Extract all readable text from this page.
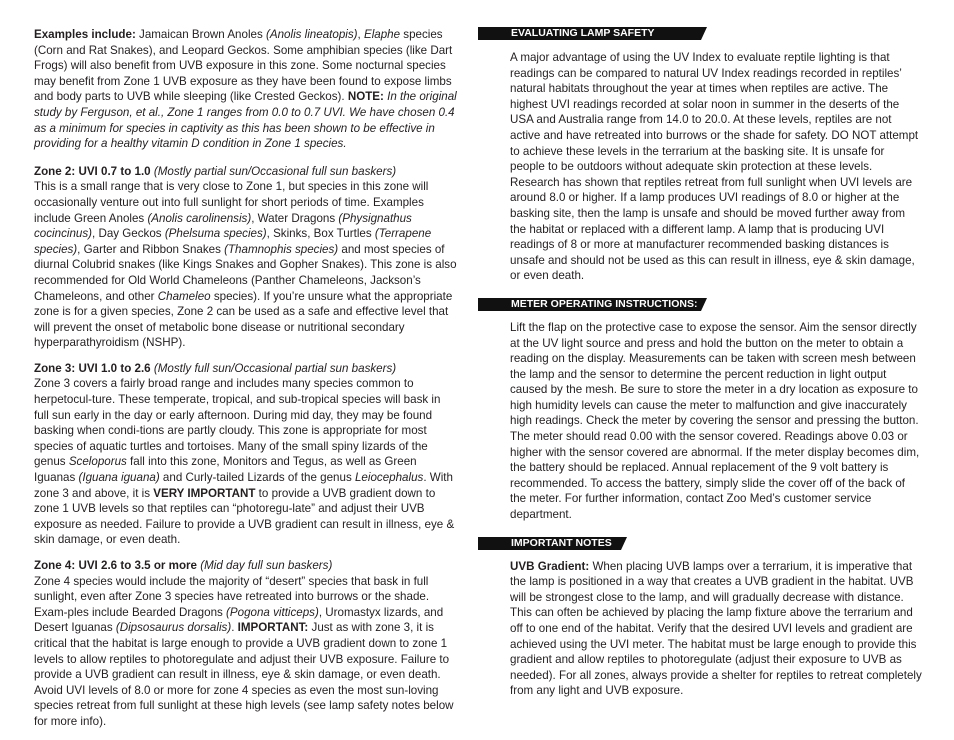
Examples include: Jamaican Brown Anoles (Anolis lineatopis), Elaphe species (Corn and Rat Snakes), and Leopard Geckos. Some amphibian species (like Dart Frogs) will also benefit from UVB exposure in this zone. Some nocturnal species may benefit from Zone 1 UVB exposure as they have been found to expose limbs and body parts to UVB while sleeping (like Crested Geckos). NOTE: In the original study by Ferguson, et al., Zone 1 ranges from 0.0 to 0.7 UVI. We have chosen 0.4 as a minimum for species in captivity as this has been shown to be effective in providing for a healthy vitamin D condition in Zone 1 species.

Zone 2: UVI 0.7 to 1.0 (Mostly partial sun/Occasional full sun baskers)

This is a small range that is very close to Zone 1, but species in this zone will occasionally venture out into full sunlight for short periods of time. Examples include Green Anoles (Anolis carolinensis), Water Dragons (Physignathus cocincinus), Day Geckos (Phelsuma species), Skinks, Box Turtles (Terrapene species), Garter and Ribbon Snakes (Thamnophis species) and most species of diurnal Colubrid snakes (like Kings Snakes and Gopher Snakes). This zone is also recommended for Old World Chameleons (Panther Chameleons, Jackson’s Chameleons, and other Chameleo species). If you’re unsure what the appropriate zone is for a given species, Zone 2 can be used as a safe and effective level that will prevent the onset of metabolic bone disease or nutritional secondary hyperparathyroidism (NSHP).

Zone 3: UVI 1.0 to 2.6 (Mostly full sun/Occasional partial sun baskers)

Zone 3 covers a fairly broad range and includes many species common to herpetocul-ture. These temperate, tropical, and sub-tropical species will bask in full sun early in the day or early afternoon. During mid day, they may be found basking when condi-tions are partly cloudy. This zone is appropriate for most species of aquatic turtles and tortoises. Many of the small spiny lizards of the genus Sceloporus fall into this zone, Monitors and Tegus, as well as Green Iguanas (Iguana iguana) and Curly-tailed Lizards of the genus Leiocephalus. With zone 3 and above, it is VERY IMPORTANT to provide a UVB gradient down to zone 1 UVB levels so that reptiles can “photoregu-late” and adjust their UVB exposure as needed. Failure to provide a UVB gradient can result in illness, eye & skin damage, or even death.

Zone 4: UVI 2.6 to 3.5 or more (Mid day full sun baskers)

Zone 4 species would include the majority of “desert” species that bask in full sunlight, even after Zone 3 species have retreated into burrows or the shade. Exam-ples include Bearded Dragons (Pogona vitticeps), Uromastyx lizards, and Desert Iguanas (Dipsosaurus dorsalis). IMPORTANT: Just as with zone 3, it is critical that the habitat is large enough to provide a UVB gradient down to zone 1 levels to allow reptiles to photoregulate and adjust their UVB exposure. Failure to provide a UVB gradient can result in illness, eye & skin damage, or even death. Avoid UVI levels of 8.0 or more for zone 4 species as even the most sun-loving species retreat from full sunlight at these high levels (see lamp safety notes below for more info).

EVALUATING LAMP SAFETY

A major advantage of using the UV Index to evaluate reptile lighting is that readings can be compared to natural UV Index readings recorded in reptiles’ natural habitats throughout the year at times when reptiles are active. The highest UVI readings recorded at solar noon in summer in the deserts of the USA and Australia range from 14.0 to 20.0. At these levels, reptiles are not active and have retreated into burrows or the shade for safety. DO NOT attempt to achieve these levels in the terrarium at the basking site. It is unsafe for people to be outdoors without adequate skin protection at these levels. Research has shown that reptiles retreat from full sunlight when UVI levels are around 8.0 or higher. If a lamp produces UVI readings of 8.0 or higher at the basking site, then the lamp is unsafe and should be moved further away from the habitat or replaced with a different lamp. A lamp that is producing UVI readings of 8 or more at manufacturer recommended basking distances is unsafe and should not be used as this can result in illness, eye & skin damage, or even death.

METER OPERATING INSTRUCTIONS:

Lift the flap on the protective case to expose the sensor. Aim the sensor directly at the UV light source and press and hold the button on the meter to obtain a reading on the display. Measurements can be taken with screen mesh between the lamp and the sensor to determine the percent reduction in light output caused by the mesh. Be sure to store the meter in a dry location as exposure to high humidity levels can cause the meter to malfunction and give inaccurately high readings. Check the meter by covering the sensor and pressing the button. The meter should read 0.00 with the sensor covered. Readings above 0.03 or higher with the sensor covered are abnormal. If the meter display becomes dim, the battery should be replaced. Annual replacement of the 9 volt battery is recommended. To access the battery, simply slide the cover off of the back of the meter. For further information, contact Zoo Med’s customer service department.

IMPORTANT NOTES

UVB Gradient: When placing UVB lamps over a terrarium, it is imperative that the lamp is positioned in a way that creates a UVB gradient in the habitat. UVB will be strongest close to the lamp, and will gradually decrease with distance. This can often be achieved by placing the lamp fixture above the terrarium and off to one end of the habitat. Verify that the desired UVI levels and gradient are achieved using the UVI meter. The habitat must be large enough to provide this gradient and allow reptiles to photoregulate (adjust their exposure to UVB as needed). For all zones, always provide a shelter for reptiles to retreat completely from any light and UVB exposure.
